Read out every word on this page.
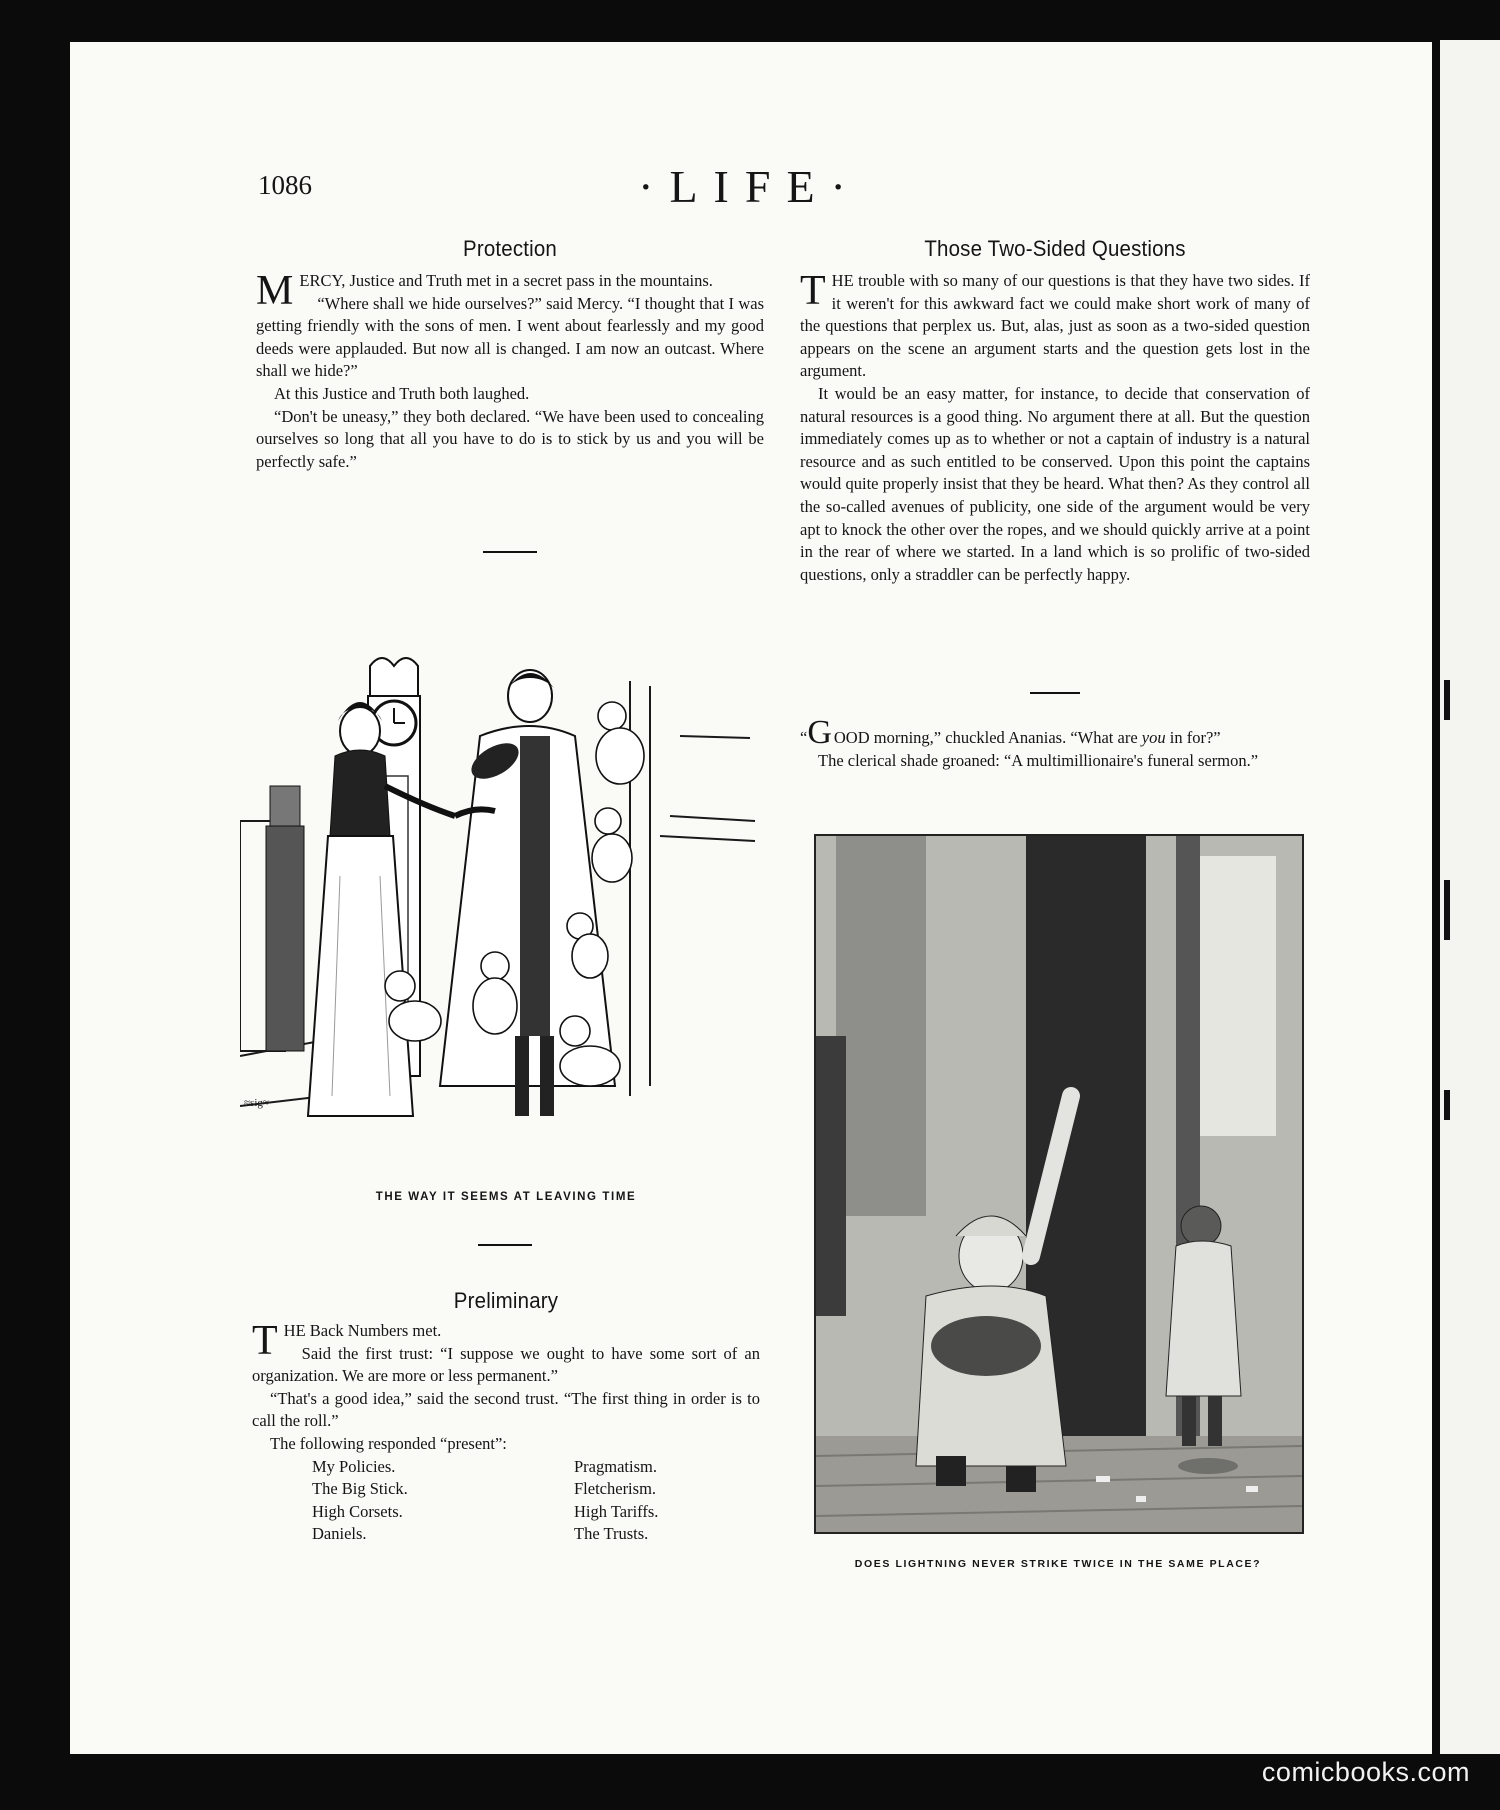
1086	·LIFE·
Protection

MERCY, Justice and Truth met in a secret pass in the mountains.

“Where shall we hide ourselves?” said Mercy. “I thought that I was getting friendly with the sons of men. I went about fearlessly and my good deeds were applauded. But now all is changed. I am now an outcast. Where shall we hide?”

At this Justice and Truth both laughed.

“Don't be uneasy,” they both declared. “We have been used to concealing ourselves so long that all you have to do is to stick by us and you will be perfectly safe.”

≈sig≈
THE WAY IT SEEMS AT LEAVING TIME
Preliminary

THE Back Numbers met.

Said the first trust: “I suppose we ought to have some sort of an organization. We are more or less permanent.”

“That's a good idea,” said the second trust. “The first thing in order is to call the roll.”

The following responded “present”:

My Policies.	Pragmatism.
The Big Stick.	Fletcherism.
High Corsets.	High Tariffs.
Daniels.	The Trusts.
Those Two-Sided Questions

THE trouble with so many of our questions is that they have two sides. If it weren't for this awkward fact we could make short work of many of the questions that perplex us. But, alas, just as soon as a two-sided question appears on the scene an argument starts and the question gets lost in the argument.

It would be an easy matter, for instance, to decide that conservation of natural resources is a good thing. No argument there at all. But the question immediately comes up as to whether or not a captain of industry is a natural resource and as such entitled to be conserved. Upon this point the captains would quite properly insist that they be heard. What then? As they control all the so-called avenues of publicity, one side of the argument would be very apt to knock the other over the ropes, and we should quickly arrive at a point in the rear of where we started. In a land which is so prolific of two-sided questions, only a straddler can be perfectly happy.

“G OOD morning,” chuckled Ananias. “What are you in for?”

The clerical shade groaned: “A multimillionaire's funeral sermon.”

DOES LIGHTNING NEVER STRIKE TWICE IN THE SAME PLACE?
comicbooks.com
